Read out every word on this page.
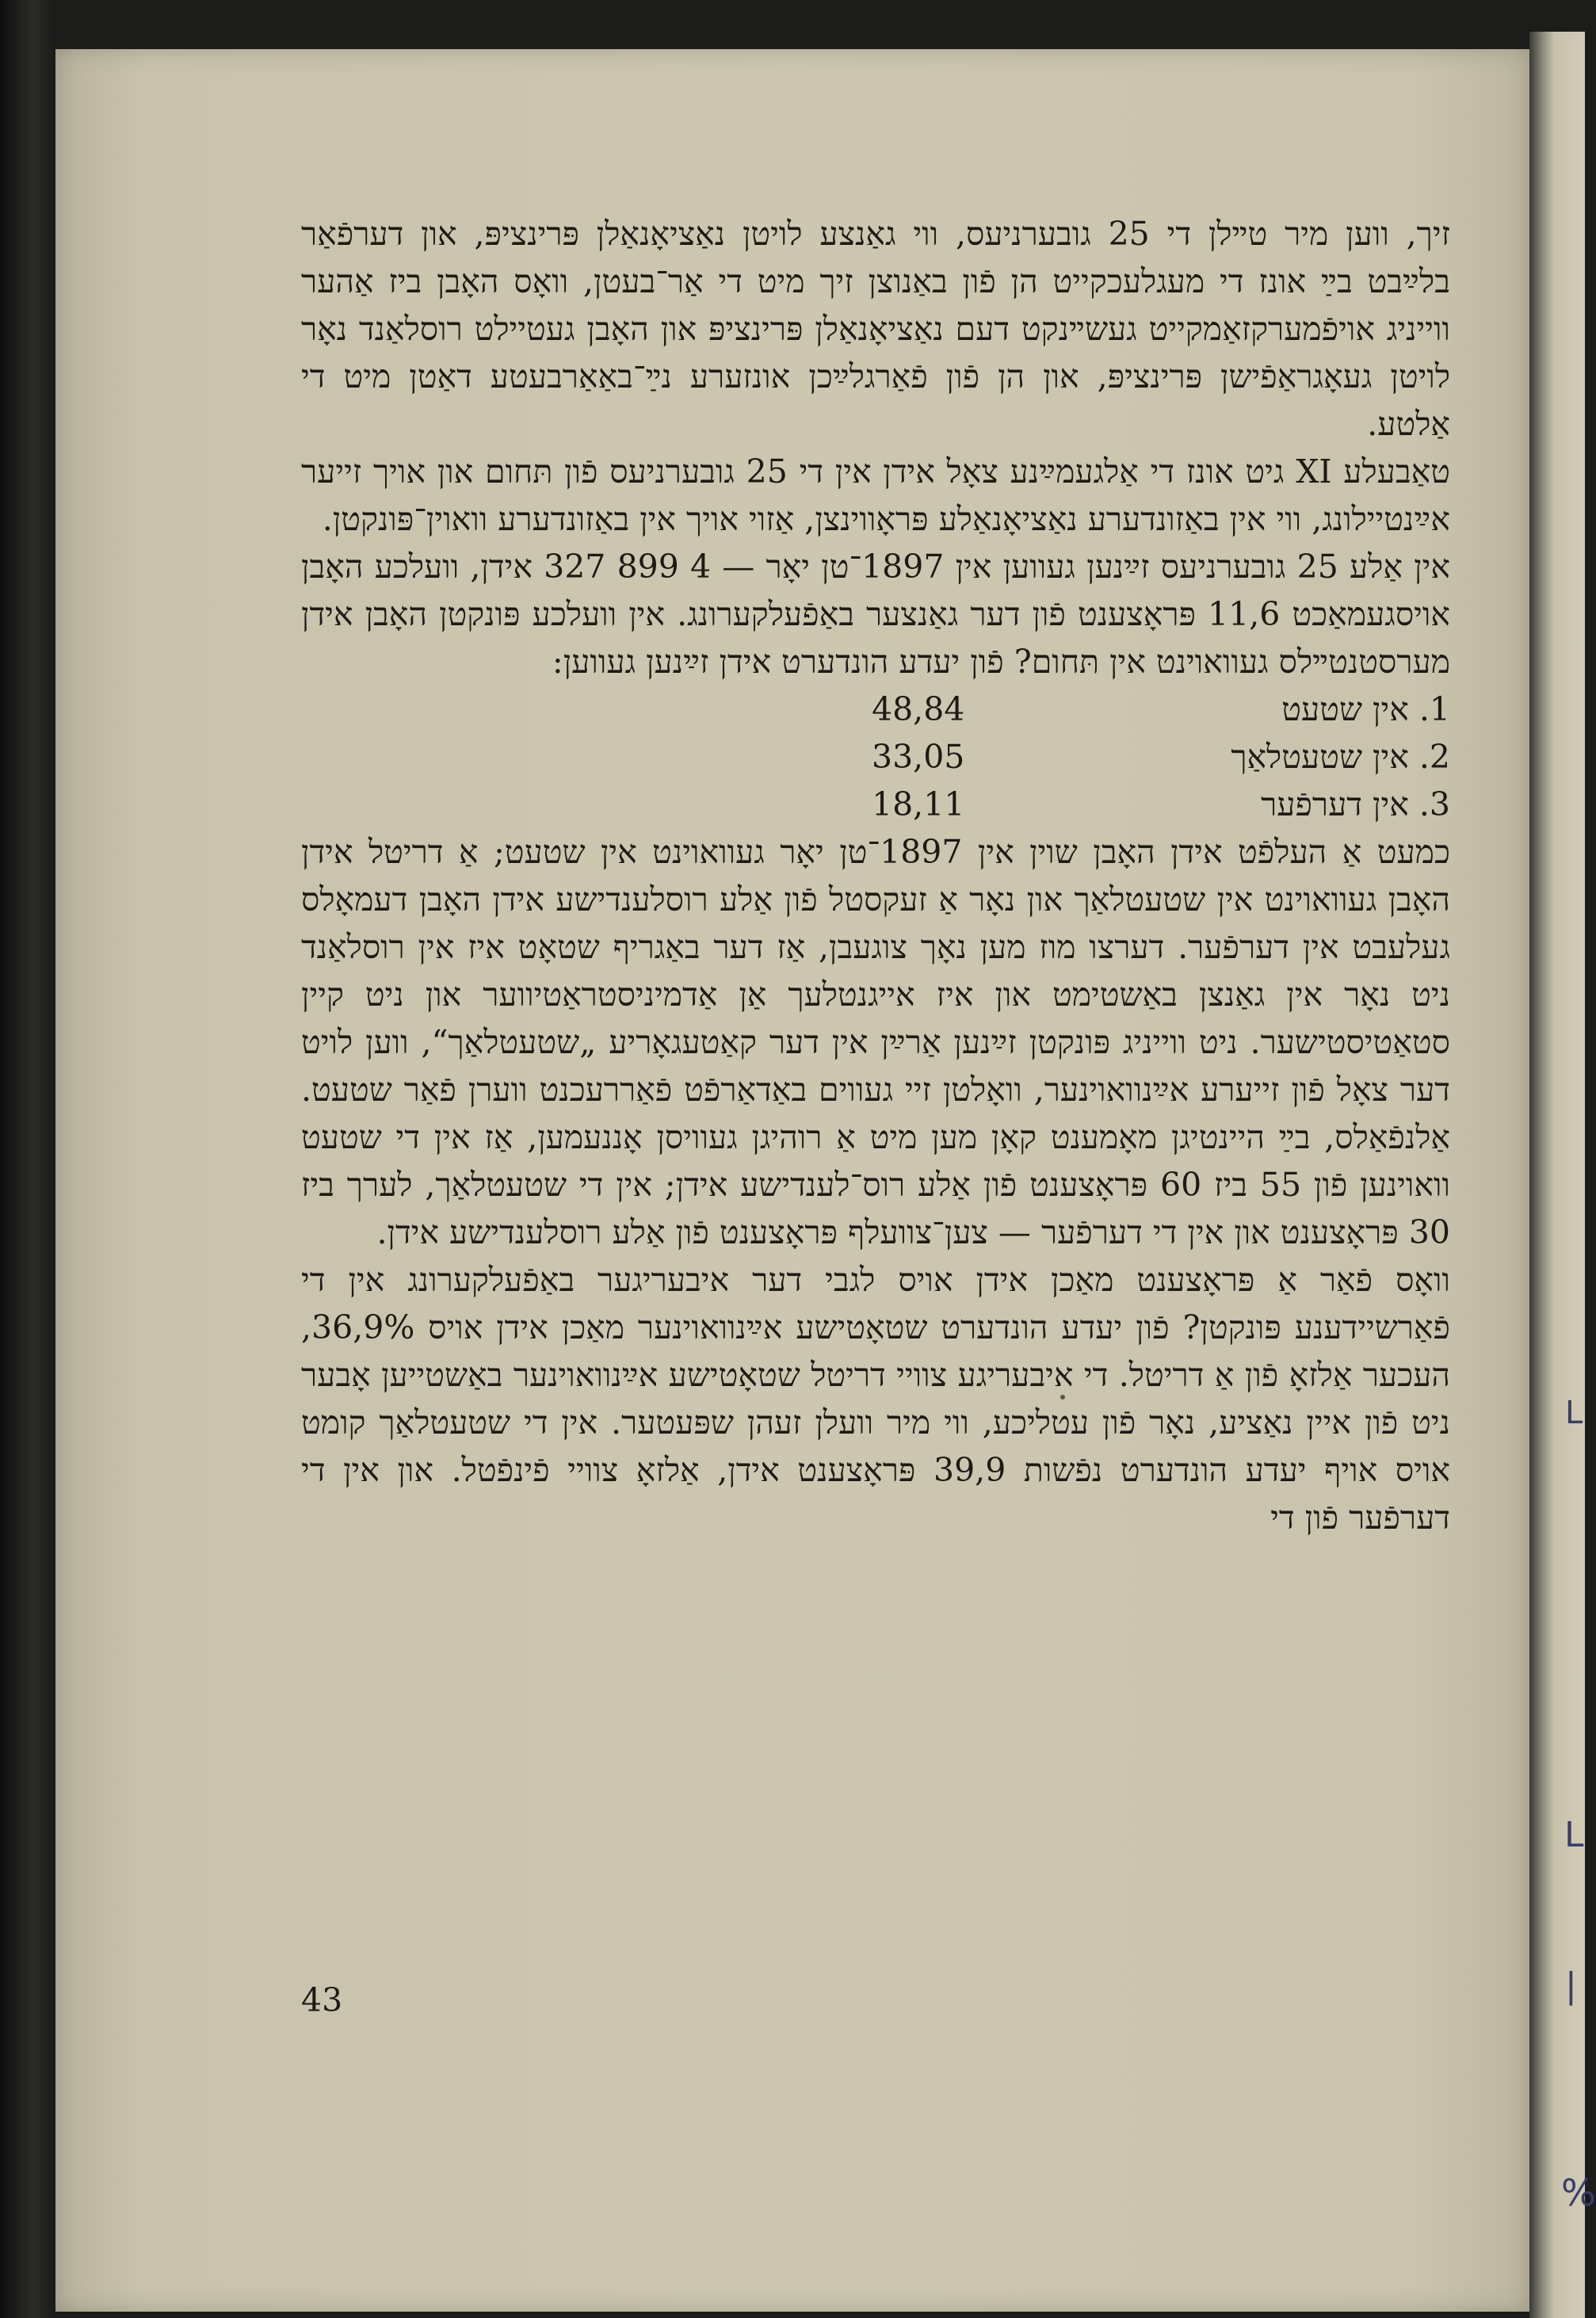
L
L
|
%

זיך, ווען מיר טײלן די 25 גובערניעס, ווי גאַנצע לויטן נאַציאָנאַלן פּרינציפּ, און דערפֿאַר בלײַבט בײַ אונז די מעגלעכקייט הן פֿון באַנוצן זיך מיט די אַר־בעטן, וואָס האָבן ביז אַהער ווייניג אויפֿמערקזאַמקייט געשײנקט דעם נאַציאָנאַלן פּרינציפּ און האָבן געטיילט רוסלאַנד נאָר לויטן געאָגראַפֿישן פּרינציפּ, און הן פֿון פֿאַרגלײַכן אונזערע נײַ־באַאַרבעטע דאַטן מיט די אַלטע.

טאַבעלע XI גיט אונז די אַלגעמײַנע צאָל אידן אין די 25 גובערניעס פֿון תּחום און אויך זייער אײַנטיילונג, ווי אין באַזונדערע נאַציאָנאַלע פּראָווינצן, אַזוי אויך אין באַזונדערע וואוין־פּונקטן.

אין אַלע 25 גובערניעס זײַנען געווען אין 1897־טן יאָר — 4 899 327 אידן, וועלכע האָבן אויסגעמאַכט 11,6 פּראָצענט פֿון דער גאַנצער באַפֿעלקערונג. אין וועלכע פּונקטן האָבן אידן מערסטנטײלס געוואוינט אין תּחום? פֿון יעדע הונדערט אידן זײַנען געווען:

1. אין שטעט
48,84
2. אין שטעטלאַך
33,05
3. אין דערפֿער
18,11

כמעט אַ העלפֿט אידן האָבן שוין אין 1897־טן יאָר געוואוינט אין שטעט; אַ דריטל אידן האָבן געוואוינט אין שטעטלאַך און נאָר אַ זעקסטל פֿון אַלע רוסלענדישע אידן האָבן דעמאָלס געלעבט אין דערפֿער. דערצו מוז מען נאָך צוגעבן, אַז דער באַגריף שטאָט איז אין רוסלאַנד ניט נאָר אין גאַנצן באַשטימט און איז אייגנטלעך אַן אַדמיניסטראַטיווער און ניט קיין סטאַטיסטישער. ניט ווייניג פּונקטן זײַנען אַרײַן אין דער קאַטעגאָריע „שטעטלאַך“, ווען לויט דער צאָל פֿון זייערע אײַנוואוינער, וואָלטן זיי געווים באַדאַרפֿט פֿאַררעכנט ווערן פֿאַר שטעט. אַלנפֿאַלס, בײַ היינטיגן מאָמענט קאָן מען מיט אַ רוהיגן געוויסן אָננעמען, אַז אין די שטעט וואוינען פֿון 55 ביז 60 פּראָצענט פֿון אַלע רוס־לענדישע אידן; אין די שטעטלאַך, לערך ביז 30 פּראָצענט און אין די דערפֿער — צען־צוועלף פּראָצענט פֿון אַלע רוסלענדישע אידן.

וואָס פֿאַר אַ פּראָצענט מאַכן אידן אויס לגבי דער איבעריגער באַפֿעלקערונג אין די פֿאַרשיידענע פּונקטן? פֿון יעדע הונדערט שטאָטישע אײַנוואוינער מאַכן אידן אויס 36,9%, העכער אַלזאָ פֿון אַ דריטל. די איבעריגע צוויי דריטל שטאָטישע אײַנוואוינער באַשטייען אָבער ניט פֿון איין נאַציע, נאָר פֿון עטליכע, ווי מיר וועלן זעהן שפּעטער. אין די שטעטלאַך קומט אויס אויף יעדע הונדערט נפֿשות 39,9 פּראָצענט אידן, אַלזאָ צוויי פֿינפֿטל. און אין די דערפֿער פֿון די

43
